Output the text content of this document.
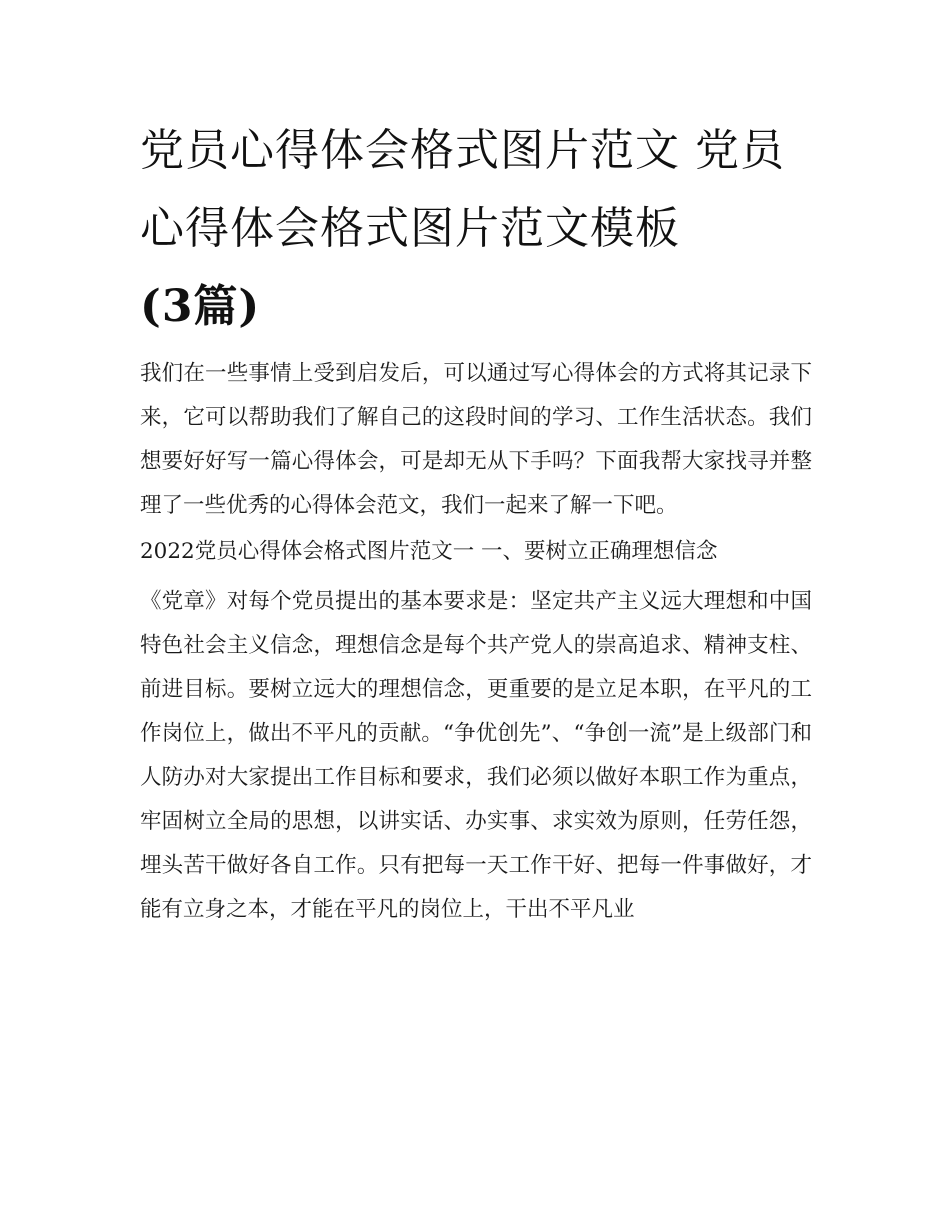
党员心得体会格式图片范文 党员心得体会格式图片范文模板
(3篇)

我们在一些事情上受到启发后，可以通过写心得体会的方式将其记录下来，它可以帮助我们了解自己的这段时间的学习、工作生活状态。我们想要好好写一篇心得体会，可是却无从下手吗？下面我帮大家找寻并整理了一些优秀的心得体会范文，我们一起来了解一下吧。

2022党员心得体会格式图片范文一 一、要树立正确理想信念

《党章》对每个党员提出的基本要求是：坚定共产主义远大理想和中国特色社会主义信念，理想信念是每个共产党人的崇高追求、精神支柱、前进目标。要树立远大的理想信念，更重要的是立足本职，在平凡的工作岗位上，做出不平凡的贡献。“争优创先”、“争创一流”是上级部门和人防办对大家提出工作目标和要求，我们必须以做好本职工作为重点，牢固树立全局的思想，以讲实话、办实事、求实效为原则，任劳任怨，埋头苦干做好各自工作。只有把每一天工作干好、把每一件事做好，才能有立身之本，才能在平凡的岗位上，干出不平凡业
